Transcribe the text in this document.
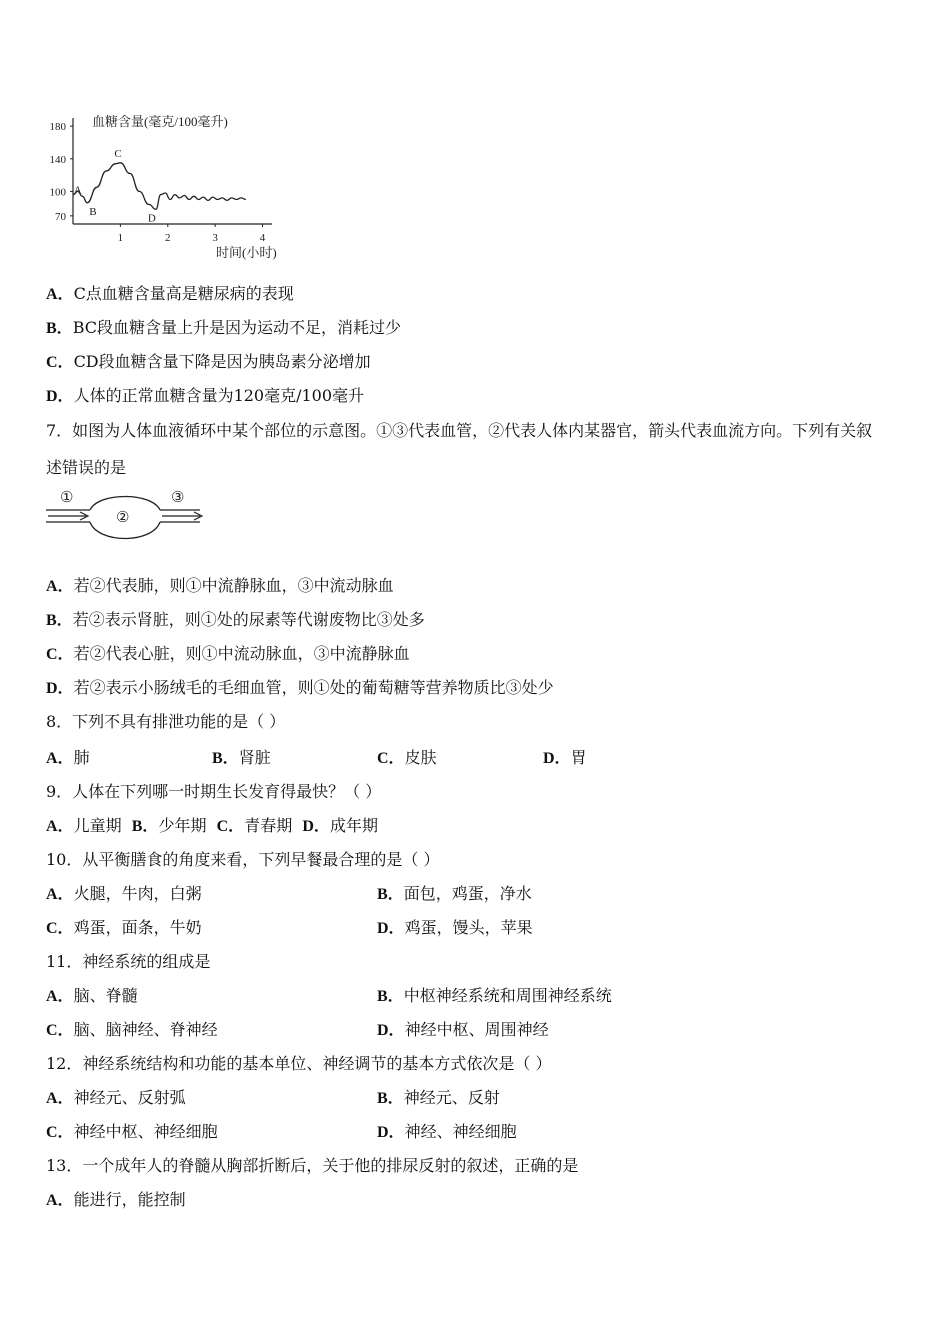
血糖含量(毫克/100毫升)
时间(小时)
70
100
140
180
1	2	3	4
A
B
C
D
A．C点血糖含量高是糖尿病的表现
B．BC段血糖含量上升是因为运动不足，消耗过少
C．CD段血糖含量下降是因为胰岛素分泌增加
D．人体的正常血糖含量为120毫克/100毫升
7．如图为人体血液循环中某个部位的示意图。①③代表血管，②代表人体内某器官，箭头代表血流方向。下列有关叙
述错误的是
①
②
③
A．若②代表肺，则①中流静脉血，③中流动脉血
B．若②表示肾脏，则①处的尿素等代谢废物比③处多
C．若②代表心脏，则①中流动脉血，③中流静脉血
D．若②表示小肠绒毛的毛细血管，则①处的葡萄糖等营养物质比③处少
8．下列不具有排泄功能的是（ ）
A．肺	B．肾脏	C．皮肤	D．胃
9．人体在下列哪一时期生长发育得最快？（ ）
A．儿童期 B．少年期 C．青春期 D．成年期
10．从平衡膳食的角度来看，下列早餐最合理的是（ ）
A．火腿，牛肉，白粥	B．面包，鸡蛋，净水
C．鸡蛋，面条，牛奶	D．鸡蛋，馒头，苹果
11．神经系统的组成是
A．脑、脊髓	B．中枢神经系统和周围神经系统
C．脑、脑神经、脊神经	D．神经中枢、周围神经
12．神经系统结构和功能的基本单位、神经调节的基本方式依次是（ ）
A．神经元、反射弧	B．神经元、反射
C．神经中枢、神经细胞	D．神经、神经细胞
13．一个成年人的脊髓从胸部折断后，关于他的排尿反射的叙述，正确的是
A．能进行，能控制
